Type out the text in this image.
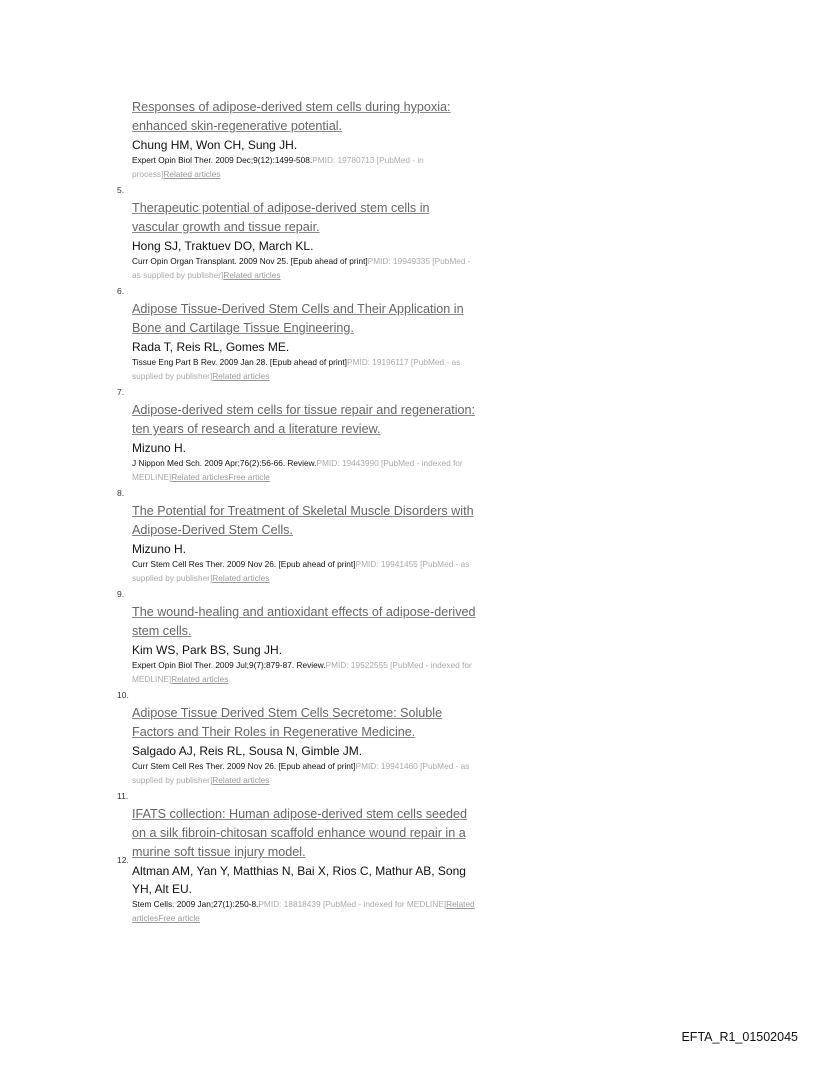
Responses of adipose-derived stem cells during hypoxia: enhanced skin-regenerative potential.
Chung HM, Won CH, Sung JH.
Expert Opin Biol Ther. 2009 Dec;9(12):1499-508.PMID: 19780713 [PubMed - in process]Related articles
5.
Therapeutic potential of adipose-derived stem cells in vascular growth and tissue repair.
Hong SJ, Traktuev DO, March KL.
Curr Opin Organ Transplant. 2009 Nov 25. [Epub ahead of print]PMID: 19949335 [PubMed - as supplied by publisher]Related articles
6.
Adipose Tissue-Derived Stem Cells and Their Application in Bone and Cartilage Tissue Engineering.
Rada T, Reis RL, Gomes ME.
Tissue Eng Part B Rev. 2009 Jan 28. [Epub ahead of print]PMID: 19196117 [PubMed - as supplied by publisher]Related articles
7.
Adipose-derived stem cells for tissue repair and regeneration: ten years of research and a literature review.
Mizuno H.
J Nippon Med Sch. 2009 Apr;76(2):56-66. Review.PMID: 19443990 [PubMed - indexed for MEDLINE]Related articlesFree article
8.
The Potential for Treatment of Skeletal Muscle Disorders with Adipose-Derived Stem Cells.
Mizuno H.
Curr Stem Cell Res Ther. 2009 Nov 26. [Epub ahead of print]PMID: 19941455 [PubMed - as supplied by publisher]Related articles
9.
The wound-healing and antioxidant effects of adipose-derived stem cells.
Kim WS, Park BS, Sung JH.
Expert Opin Biol Ther. 2009 Jul;9(7):879-87. Review.PMID: 19522555 [PubMed - indexed for MEDLINE]Related articles
10.
Adipose Tissue Derived Stem Cells Secretome: Soluble Factors and Their Roles in Regenerative Medicine.
Salgado AJ, Reis RL, Sousa N, Gimble JM.
Curr Stem Cell Res Ther. 2009 Nov 26. [Epub ahead of print]PMID: 19941460 [PubMed - as supplied by publisher]Related articles
11.
IFATS collection: Human adipose-derived stem cells seeded on a silk fibroin-chitosan scaffold enhance wound repair in a murine soft tissue injury model.
Altman AM, Yan Y, Matthias N, Bai X, Rios C, Mathur AB, Song YH, Alt EU.
Stem Cells. 2009 Jan;27(1):250-8.PMID: 18818439 [PubMed - indexed for MEDLINE]Related articlesFree article
12.
EFTA_R1_01502045
